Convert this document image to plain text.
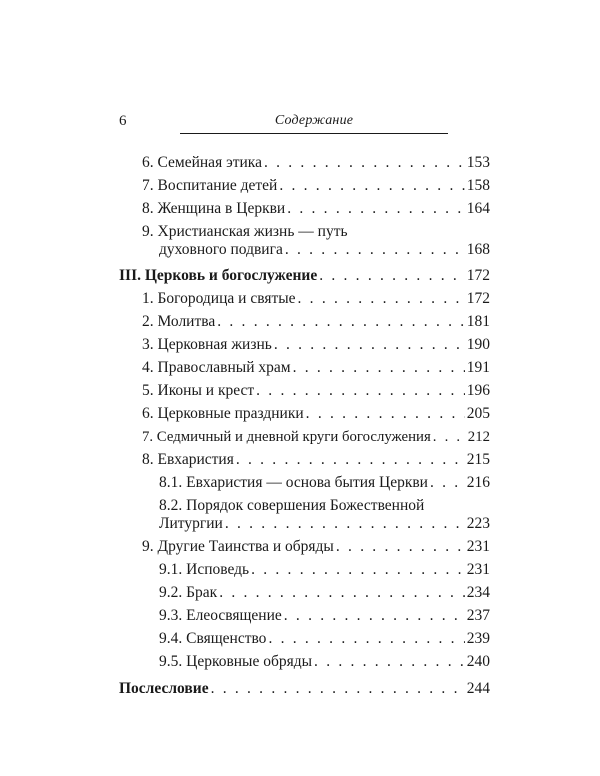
6	Содержание
6. Семейная этика . . .	153
7. Воспитание детей . . .	158
8. Женщина в Церкви . . .	164
9. Христианская жизнь — путь
духовного подвига . . .	168
III. Церковь и богослужение . . .	172
1. Богородица и святые . . .	172
2. Молитва . . .	181
3. Церковная жизнь . . .	190
4. Православный храм . . .	191
5. Иконы и крест . . .	196
6. Церковные праздники . . .	205
7. Седмичный и дневной круги богослужения . . .	212
8. Евхаристия . . .	215
8.1. Евхаристия — основа бытия Церкви . . .	216
8.2. Порядок совершения Божественной
Литургии . . .	223
9. Другие Таинства и обряды . . .	231
9.1. Исповедь . . .	231
9.2. Брак . . .	234
9.3. Елеосвящение . . .	237
9.4. Священство . . .	239
9.5. Церковные обряды . . .	240
Послесловие . . .	244
